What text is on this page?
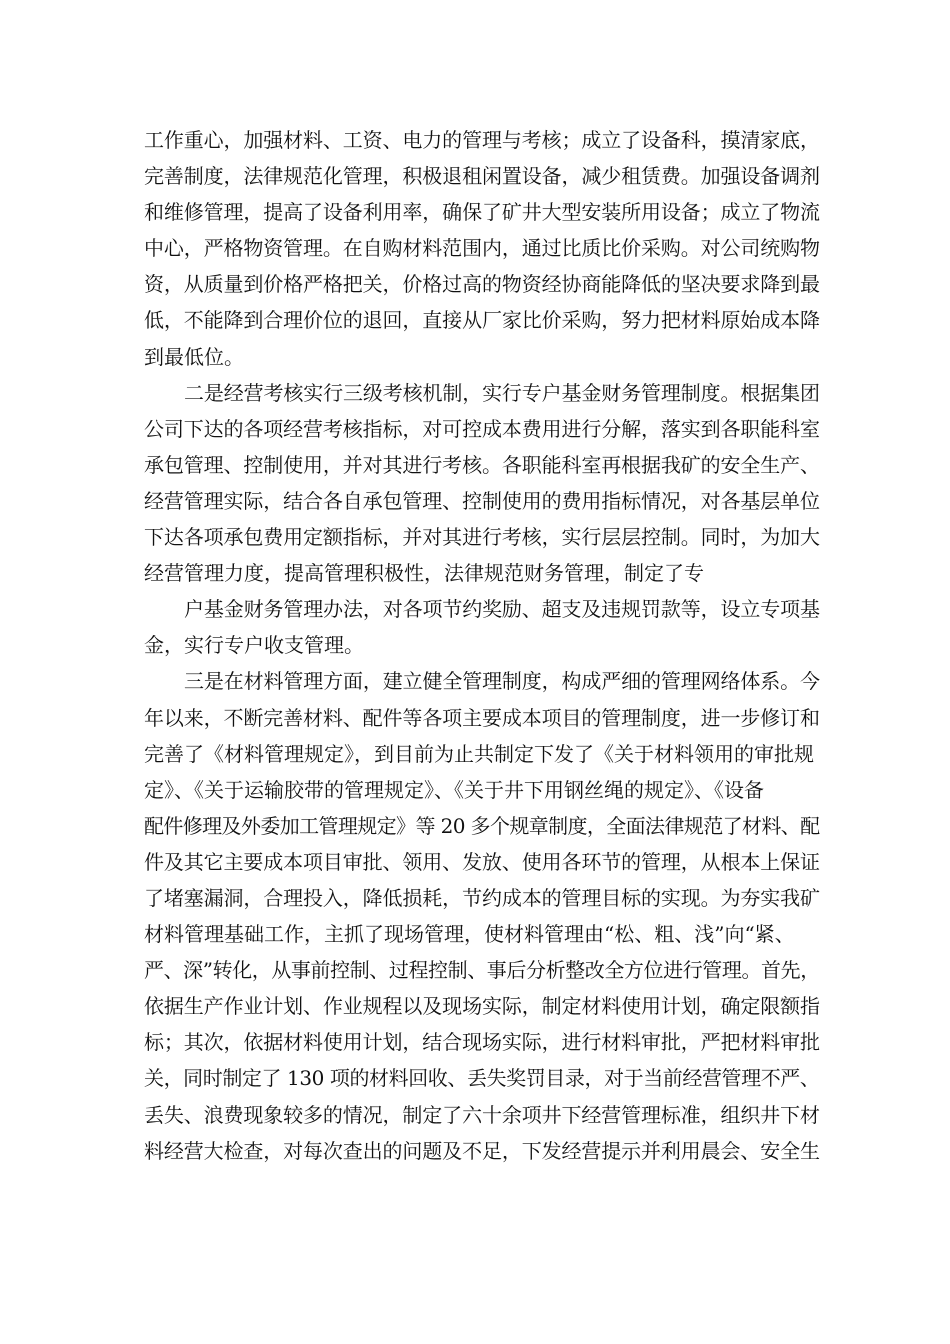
工作重心，加强材料、工资、电力的管理与考核；成立了设备科，摸清家底，
完善制度，法律规范化管理，积极退租闲置设备，减少租赁费。加强设备调剂
和维修管理，提高了设备利用率，确保了矿井大型安装所用设备；成立了物流
中心，严格物资管理。在自购材料范围内，通过比质比价采购。对公司统购物
资，从质量到价格严格把关，价格过高的物资经协商能降低的坚决要求降到最
低，不能降到合理价位的退回，直接从厂家比价采购，努力把材料原始成本降
到最低位。
二是经营考核实行三级考核机制，实行专户基金财务管理制度。根据集团
公司下达的各项经营考核指标，对可控成本费用进行分解，落实到各职能科室
承包管理、控制使用，并对其进行考核。各职能科室再根据我矿的安全生产、
经营管理实际，结合各自承包管理、控制使用的费用指标情况，对各基层单位
下达各项承包费用定额指标，并对其进行考核，实行层层控制。同时，为加大
经营管理力度，提高管理积极性，法律规范财务管理，制定了专
户基金财务管理办法，对各项节约奖励、超支及违规罚款等，设立专项基
金，实行专户收支管理。
三是在材料管理方面，建立健全管理制度，构成严细的管理网络体系。今
年以来，不断完善材料、配件等各项主要成本项目的管理制度，进一步修订和
完善了《材料管理规定》，到目前为止共制定下发了《关于材料领用的审批规
定》、《关于运输胶带的管理规定》、《关于井下用钢丝绳的规定》、《设备
配件修理及外委加工管理规定》等 20 多个规章制度，全面法律规范了材料、配
件及其它主要成本项目审批、领用、发放、使用各环节的管理，从根本上保证
了堵塞漏洞，合理投入，降低损耗，节约成本的管理目标的实现。为夯实我矿
材料管理基础工作，主抓了现场管理，使材料管理由“松、粗、浅”向“紧、
严、深”转化，从事前控制、过程控制、事后分析整改全方位进行管理。首先，
依据生产作业计划、作业规程以及现场实际，制定材料使用计划，确定限额指
标；其次，依据材料使用计划，结合现场实际，进行材料审批，严把材料审批
关，同时制定了 130 项的材料回收、丢失奖罚目录，对于当前经营管理不严、
丢失、浪费现象较多的情况，制定了六十余项井下经营管理标准，组织井下材
料经营大检查，对每次查出的问题及不足，下发经营提示并利用晨会、安全生
